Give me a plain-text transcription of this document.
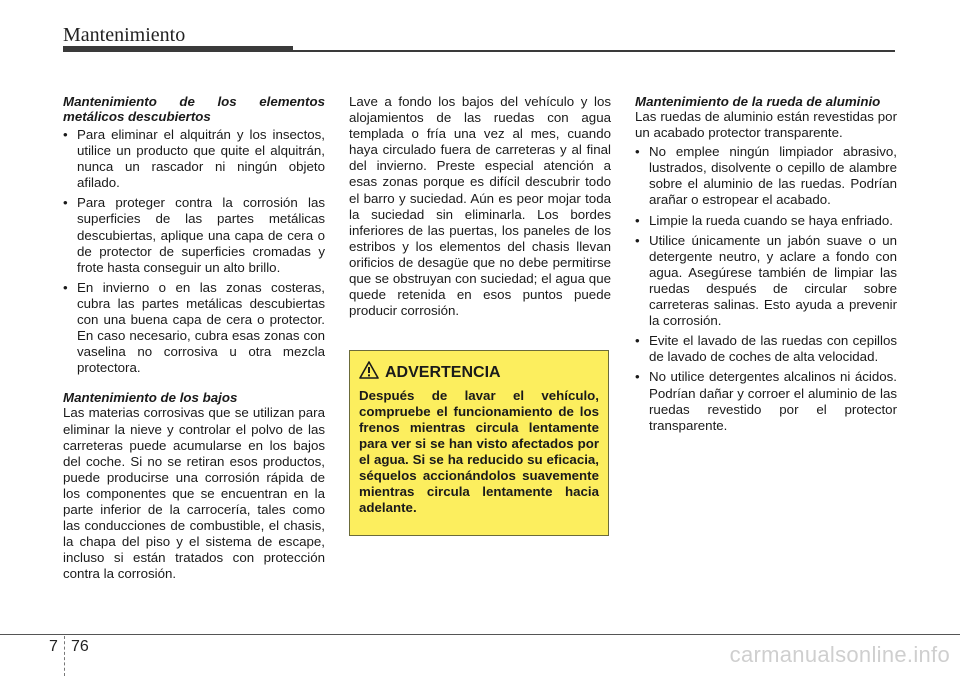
Mantenimiento

Mantenimiento de los elementos metálicos descubiertos

• Para eliminar el alquitrán y los insectos, utilice un producto que quite el alquitrán, nunca un rascador ni ningún objeto afilado.
• Para proteger contra la corrosión las superficies de las partes metálicas descubiertas, aplique una capa de cera o de protector de superficies cromadas y frote hasta conseguir un alto brillo.
• En invierno o en las zonas costeras, cubra las partes metálicas descubiertas con una buena capa de cera o protector. En caso necesario, cubra esas zonas con vaselina no corrosiva u otra mezcla protectora.

Mantenimiento de los bajos

Las materias corrosivas que se utilizan para eliminar la nieve y controlar el polvo de las carreteras puede acumularse en los bajos del coche. Si no se retiran esos productos, puede producirse una corrosión rápida de los componentes que se encuentran en la parte inferior de la carrocería, tales como las conducciones de combustible, el chasis, la chapa del piso y el sistema de escape, incluso si están tratados con protección contra la corrosión.

Lave a fondo los bajos del vehículo y los alojamientos de las ruedas con agua templada o fría una vez al mes, cuando haya circulado fuera de carreteras y al final del invierno. Preste especial atención a esas zonas porque es difícil descubrir todo el barro y suciedad. Aún es peor mojar toda la suciedad sin eliminarla. Los bordes inferiores de las puertas, los paneles de los estribos y los elementos del chasis llevan orificios de desagüe que no debe permitirse que se obstruyan con suciedad; el agua que quede retenida en esos puntos puede producir corrosión.

ADVERTENCIA

Después de lavar el vehículo, compruebe el funcionamiento de los frenos mientras circula lentamente para ver si se han visto afectados por el agua. Si se ha reducido su eficacia, séquelos accionándolos suavemente mientras circula lentamente hacia adelante.

Mantenimiento de la rueda de aluminio

Las ruedas de aluminio están revestidas por un acabado protector transparente.

• No emplee ningún limpiador abrasivo, lustrados, disolvente o cepillo de alambre sobre el aluminio de las ruedas. Podrían arañar o estropear el acabado.
• Limpie la rueda cuando se haya enfriado.
• Utilice únicamente un jabón suave o un detergente neutro, y aclare a fondo con agua. Asegúrese también de limpiar las ruedas después de circular sobre carreteras salinas. Esto ayuda a prevenir la corrosión.
• Evite el lavado de las ruedas con cepillos de lavado de coches de alta velocidad.
• No utilice detergentes alcalinos ni ácidos. Podrían dañar y corroer el aluminio de las ruedas revestido por el protector transparente.
7 76	carmanualsonline.info
